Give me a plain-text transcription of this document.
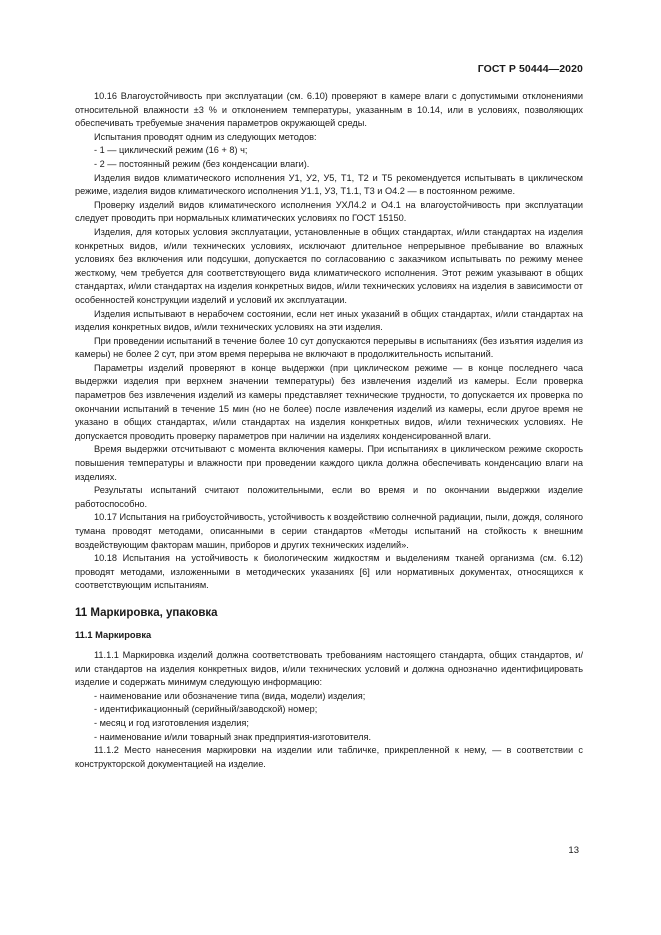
ГОСТ Р 50444—2020

10.16 Влагоустойчивость при эксплуатации (см. 6.10) проверяют в камере влаги с допустимыми отклонениями относительной влажности ±3 % и отклонением температуры, указанным в 10.14, или в условиях, позволяющих обеспечивать требуемые значения параметров окружающей среды.

Испытания проводят одним из следующих методов:

- 1 — циклический режим (16 + 8) ч;

- 2 — постоянный режим (без конденсации влаги).

Изделия видов климатического исполнения У1, У2, У5, Т1, Т2 и Т5 рекомендуется испытывать в циклическом режиме, изделия видов климатического исполнения У1.1, У3, Т1.1, Т3 и О4.2 — в постоянном режиме.

Проверку изделий видов климатического исполнения УХЛ4.2 и О4.1 на влагоустойчивость при эксплуатации следует проводить при нормальных климатических условиях по ГОСТ 15150.

Изделия, для которых условия эксплуатации, установленные в общих стандартах, и/или стандартах на изделия конкретных видов, и/или технических условиях, исключают длительное непрерывное пребывание во влажных условиях без включения или подсушки, допускается по согласованию с заказчиком испытывать по режиму менее жесткому, чем требуется для соответствующего вида климатического исполнения. Этот режим указывают в общих стандартах, и/или стандартах на изделия конкретных видов, и/или технических условиях на изделия в зависимости от особенностей конструкции изделий и условий их эксплуатации.

Изделия испытывают в нерабочем состоянии, если нет иных указаний в общих стандартах, и/или стандартах на изделия конкретных видов, и/или технических условиях на эти изделия.

При проведении испытаний в течение более 10 сут допускаются перерывы в испытаниях (без изъятия изделия из камеры) не более 2 сут, при этом время перерыва не включают в продолжительность испытаний.

Параметры изделий проверяют в конце выдержки (при циклическом режиме — в конце последнего часа выдержки изделия при верхнем значении температуры) без извлечения изделий из камеры. Если проверка параметров без извлечения изделий из камеры представляет технические трудности, то допускается их проверка по окончании испытаний в течение 15 мин (но не более) после извлечения изделий из камеры, если другое время не указано в общих стандартах, и/или стандартах на изделия конкретных видов, и/или технических условиях. Не допускается проводить проверку параметров при наличии на изделиях конденсированной влаги.

Время выдержки отсчитывают с момента включения камеры. При испытаниях в циклическом режиме скорость повышения температуры и влажности при проведении каждого цикла должна обеспечивать конденсацию влаги на изделиях.

Результаты испытаний считают положительными, если во время и по окончании выдержки изделие работоспособно.

10.17 Испытания на грибоустойчивость, устойчивость к воздействию солнечной радиации, пыли, дождя, соляного тумана проводят методами, описанными в серии стандартов «Методы испытаний на стойкость к внешним воздействующим факторам машин, приборов и других технических изделий».

10.18 Испытания на устойчивость к биологическим жидкостям и выделениям тканей организма (см. 6.12) проводят методами, изложенными в методических указаниях [6] или нормативных документах, относящихся к соответствующим испытаниям.

11 Маркировка, упаковка
11.1 Маркировка

11.1.1 Маркировка изделий должна соответствовать требованиям настоящего стандарта, общих стандартов, и/или стандартов на изделия конкретных видов, и/или технических условий и должна однозначно идентифицировать изделие и содержать минимум следующую информацию:

- наименование или обозначение типа (вида, модели) изделия;

- идентификационный (серийный/заводской) номер;

- месяц и год изготовления изделия;

- наименование и/или товарный знак предприятия-изготовителя.

11.1.2 Место нанесения маркировки на изделии или табличке, прикрепленной к нему, — в соответствии с конструкторской документацией на изделие.

13
